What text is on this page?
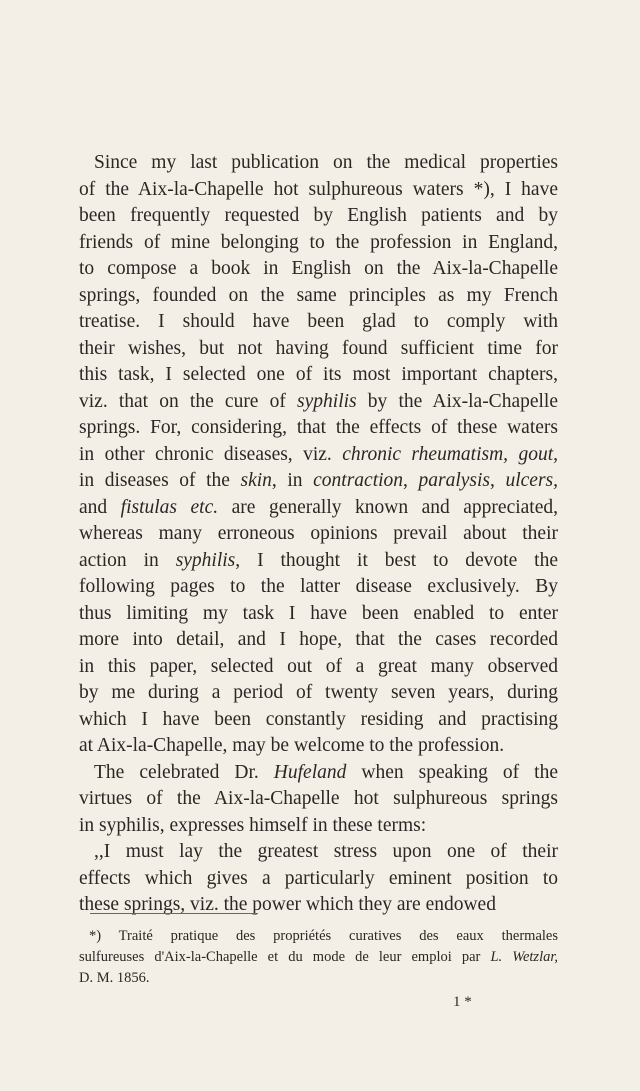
Since my last publication on the medical properties
of the Aix-la-Chapelle hot sulphureous waters *), I have
been frequently requested by English patients and by
friends of mine belonging to the profession in England,
to compose a book in English on the Aix-la-Chapelle
springs, founded on the same principles as my French
treatise. I should have been glad to comply with
their wishes, but not having found sufficient time for
this task, I selected one of its most important chapters,
viz. that on the cure of syphilis by the Aix-la-Chapelle
springs. For, considering, that the effects of these waters
in other chronic diseases, viz. chronic rheumatism, gout,
in diseases of the skin, in contraction, paralysis, ulcers,
and fistulas etc. are generally known and appreciated,
whereas many erroneous opinions prevail about their
action in syphilis, I thought it best to devote the
following pages to the latter disease exclusively. By
thus limiting my task I have been enabled to enter
more into detail, and I hope, that the cases recorded
in this paper, selected out of a great many observed
by me during a period of twenty seven years, during
which I have been constantly residing and practising
at Aix-la-Chapelle, may be welcome to the profession.
The celebrated Dr. Hufeland when speaking of the
virtues of the Aix-la-Chapelle hot sulphureous springs
in syphilis, expresses himself in these terms:
,,I must lay the greatest stress upon one of their
effects which gives a particularly eminent position to
these springs, viz. the power which they are endowed
*) Traité pratique des propriétés curatives des eaux thermales
sulfureuses d'Aix-la-Chapelle et du mode de leur emploi par L. Wetzlar,
D. M. 1856.
1 *
